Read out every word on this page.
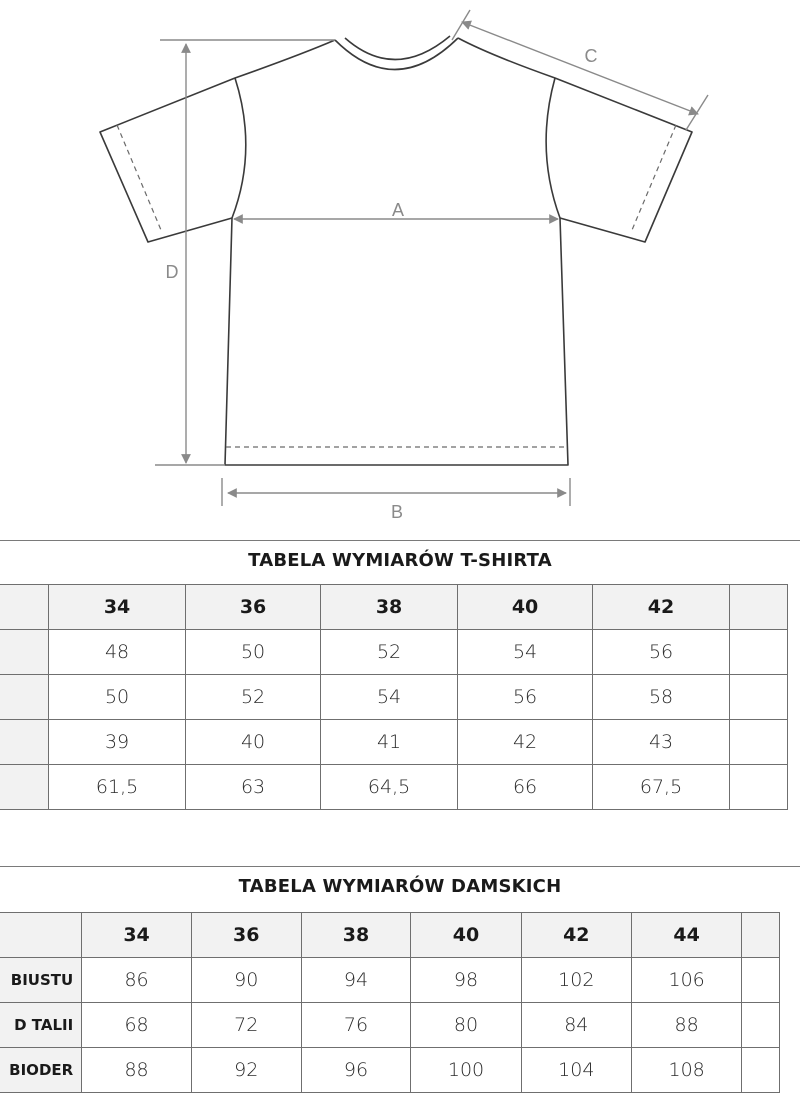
A
B
C
D
TABELA WYMIARÓW T-SHIRTA
	34	36	38	40	42	
	48	50	52	54	56	
	50	52	54	56	58	
	39	40	41	42	43	
	61,5	63	64,5	66	67,5	
TABELA WYMIARÓW DAMSKICH
	34	36	38	40	42	44	
BIUSTU	86	90	94	98	102	106	
D TALII	68	72	76	80	84	88	
BIODER	88	92	96	100	104	108	
